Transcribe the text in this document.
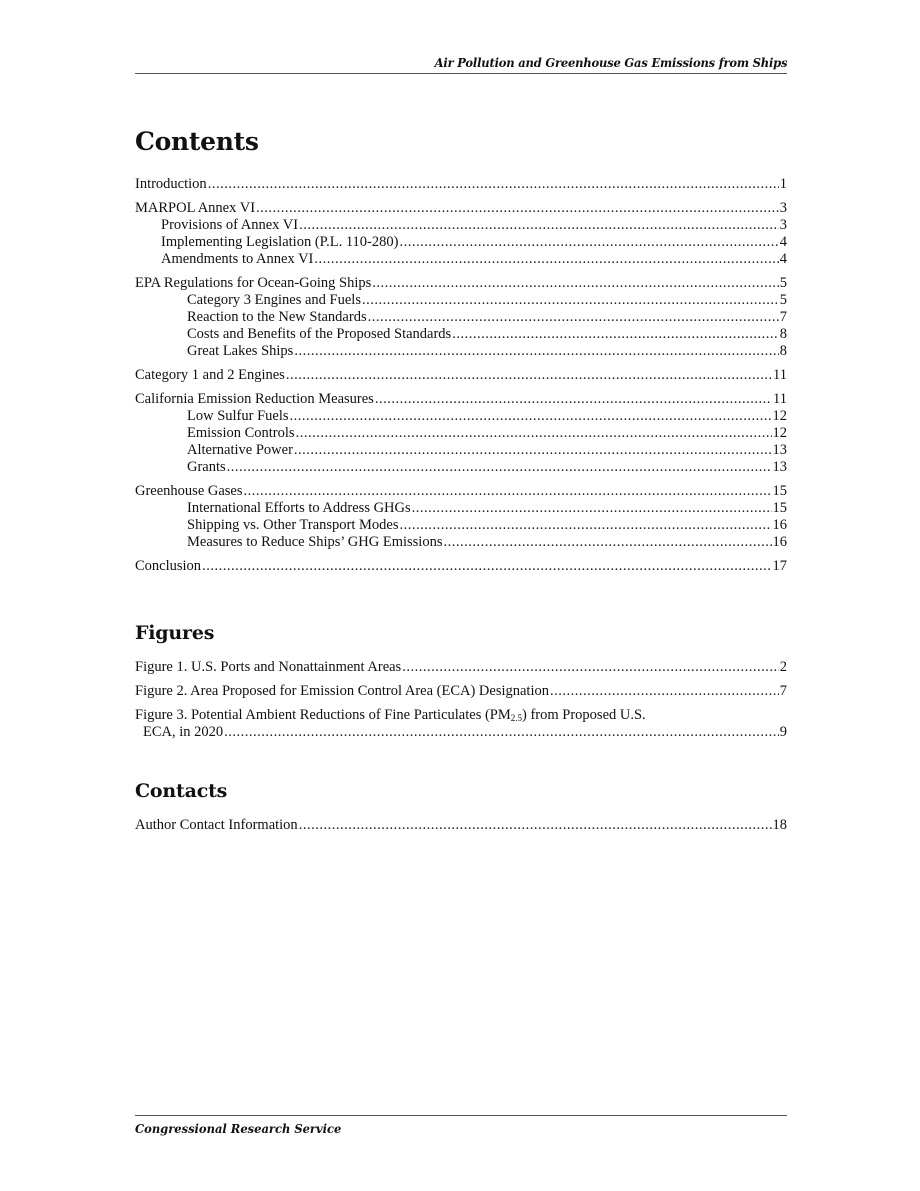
Air Pollution and Greenhouse Gas Emissions from Ships
Contents
Introduction .....	1
MARPOL Annex VI .....	3
Provisions of Annex VI .....	3
Implementing Legislation (P.L. 110-280) .....	4
Amendments to Annex VI .....	4
EPA Regulations for Ocean-Going Ships .....	5
Category 3 Engines and Fuels .....	5
Reaction to the New Standards .....	7
Costs and Benefits of the Proposed Standards .....	8
Great Lakes Ships .....	8
Category 1 and 2 Engines .....	11
California Emission Reduction Measures .....	11
Low Sulfur Fuels .....	12
Emission Controls .....	12
Alternative Power .....	13
Grants .....	13
Greenhouse Gases .....	15
International Efforts to Address GHGs .....	15
Shipping vs. Other Transport Modes .....	16
Measures to Reduce Ships’ GHG Emissions .....	16
Conclusion .....	17
Figures
Figure 1. U.S. Ports and Nonattainment Areas .....	2
Figure 2. Area Proposed for Emission Control Area (ECA) Designation .....	7
Figure 3. Potential Ambient Reductions of Fine Particulates $(PM_{2.5})$ from Proposed U.S.
ECA, in 2020 .....	9
Contacts
Author Contact Information .....	18
Congressional Research Service
